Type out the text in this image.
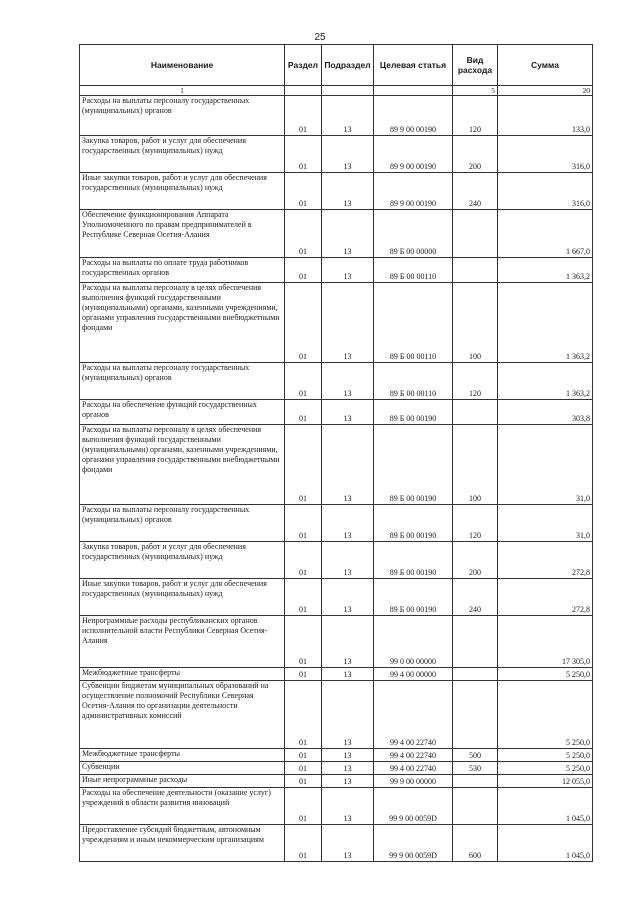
25
Наименование	Раздел	Подраздел	Целевая статья	Вид расхода	Сумма
1				5	20
Расходы на выплаты персоналу государственных (муниципальных) органов	01	13	89 9 00 00190	120	133,0
Закупка товаров, работ и услуг для обеспечения государственных (муниципальных) нужд	01	13	89 9 00 00190	200	316,0
Иные закупки товаров, работ и услуг для обеспечения государственных (муниципальных) нужд	01	13	89 9 00 00190	240	316,0
Обеспечение функционирования Аппарата Уполномоченного по правам предпринимателей в Республике Северная Осетия-Алания	01	13	89 Б 00 00000		1 667,0
Расходы на выплаты по оплате труда работников государственных органов	01	13	89 Б 00 00110		1 363,2
Расходы на выплаты персоналу в целях обеспечения выполнения функций государственными (муниципальными) органами, казенными учреждениями, органами управления государственными внебюджетными фондами	01	13	89 Б 00 00110	100	1 363,2
Расходы на выплаты персоналу государственных (муниципальных) органов	01	13	89 Б 00 00110	120	1 363,2
Расходы на обеспечение функций государственных органов	01	13	89 Б 00 00190		303,8
Расходы на выплаты персоналу в целях обеспечения выполнения функций государственными (муниципальными) органами, казенными учреждениями, органами управления государственными внебюджетными фондами	01	13	89 Б 00 00190	100	31,0
Расходы на выплаты персоналу государственных (муниципальных) органов	01	13	89 Б 00 00190	120	31,0
Закупка товаров, работ и услуг для обеспечения государственных (муниципальных) нужд	01	13	89 Б 00 00190	200	272,8
Иные закупки товаров, работ и услуг для обеспечения государственных (муниципальных) нужд	01	13	89 Б 00 00190	240	272,8
Непрограммные расходы республиканских органов исполнительной власти Республики Северная Осетия-Алания	01	13	99 0 00 00000		17 305,0
Межбюджетные трансферты	01	13	99 4 00 00000		5 250,0
Субвенции бюджетам муниципальных образований на осуществление полномочий Республики Северная Осетия-Алания по организации деятельности административных комиссий	01	13	99 4 00 22740		5 250,0
Межбюджетные трансферты	01	13	99 4 00 22740	500	5 250,0
Субвенции	01	13	99 4 00 22740	530	5 250,0
Иные непрограммные расходы	01	13	99 9 00 00000		12 055,0
Расходы на обеспечение деятельности (оказание услуг) учреждений в области развития инноваций	01	13	99 9 00 0059D		1 045,0
Предоставление субсидий бюджетным, автономным учреждениям и иным некоммерческим организациям	01	13	99 9 00 0059D	600	1 045,0
